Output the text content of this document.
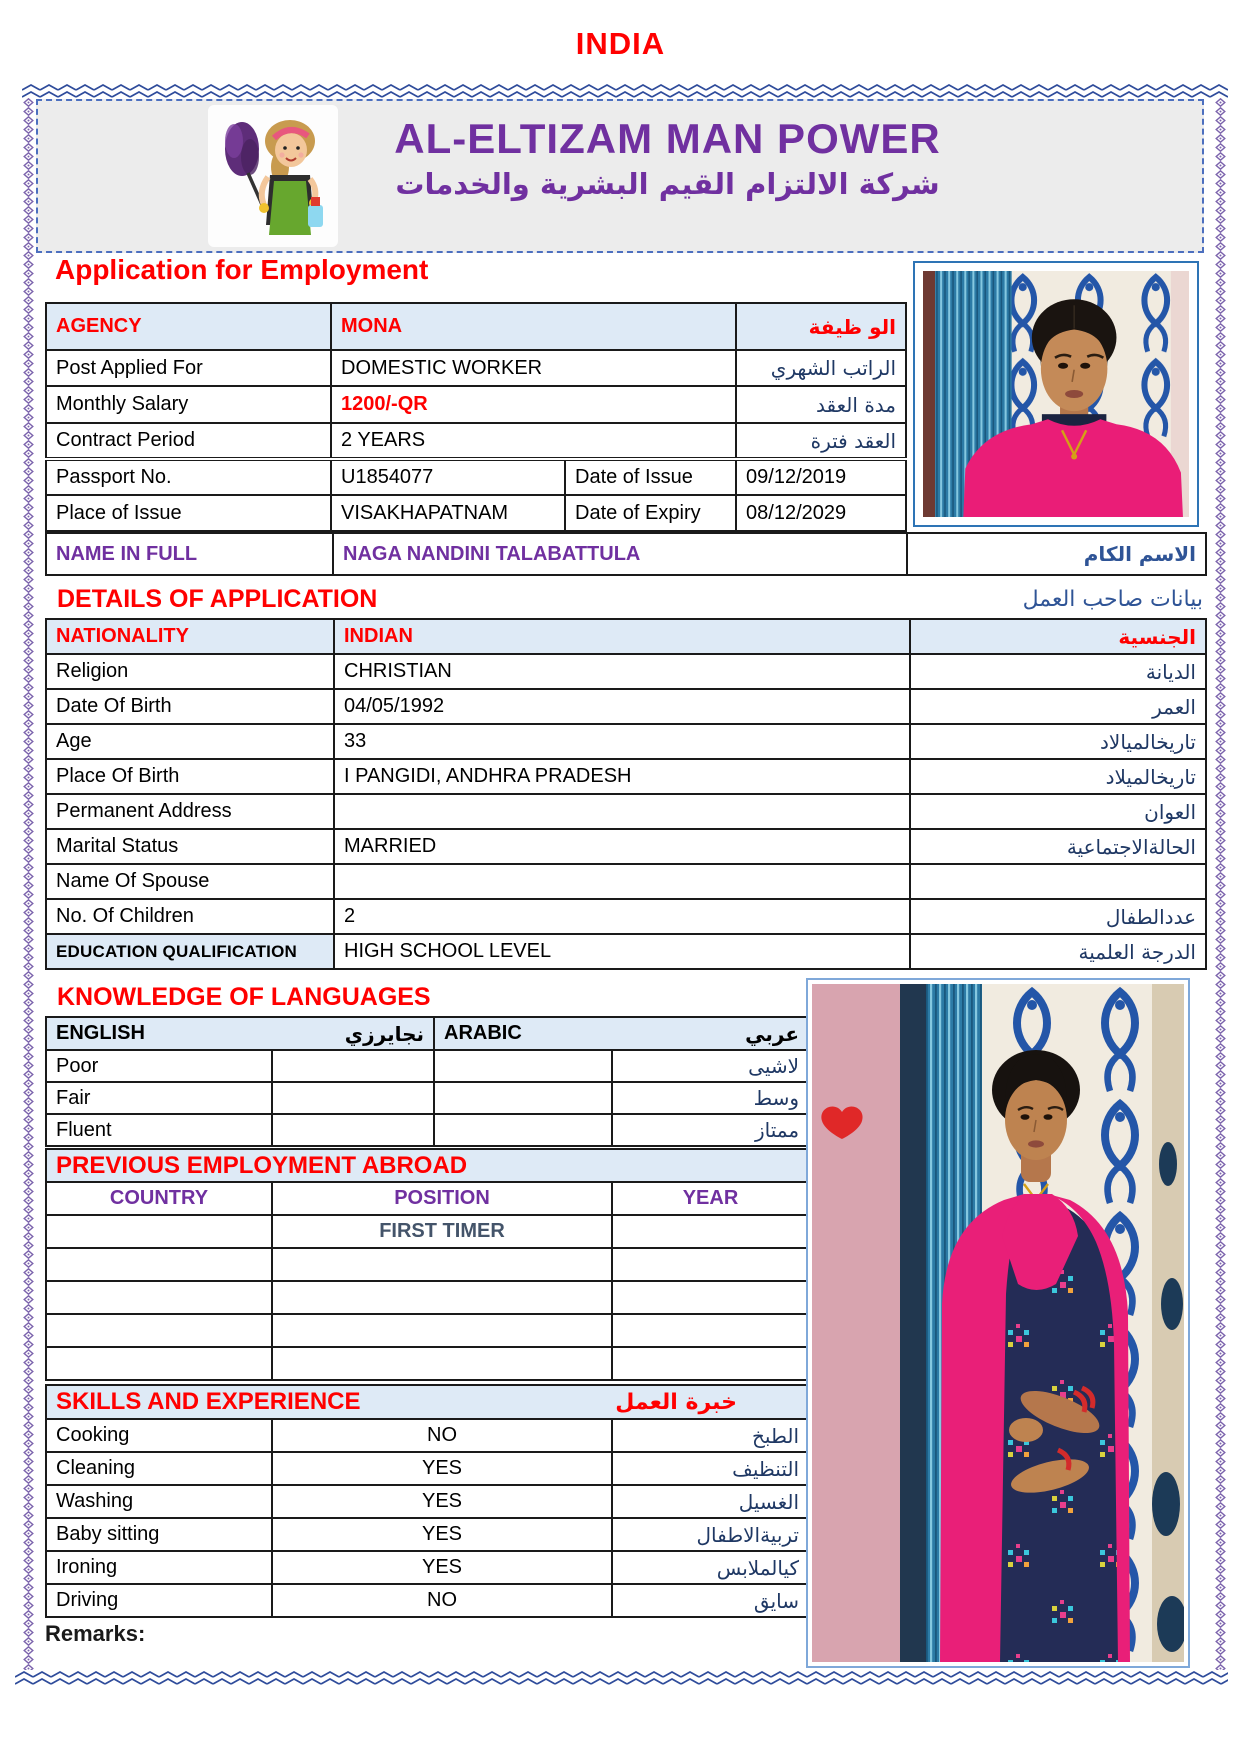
INDIA
AL-ELTIZAM MAN POWER
شركة الالتزام القيم البشرية والخدمات
Application for Employment
AGENCY	MONA		الو ظيفة
Post Applied For	DOMESTIC WORKER		الراتب الشهري
Monthly Salary	1200/-QR		مدة العقد
Contract Period	2 YEARS		العقد فترة
Passport No.	U1854077	Date of Issue	09/12/2019
Place of Issue	VISAKHAPATNAM	Date of Expiry	08/12/2029
NAME IN FULL	NAGA NANDINI TALABATTULA	الاسم الكام
DETAILS OF APPLICATION	بيانات صاحب العمل
NATIONALITY	INDIAN	الجنسية
Religion	CHRISTIAN	الديانة
Date Of Birth	04/05/1992	العمر
Age	33	تاريخالميالاد
Place Of Birth	I PANGIDI, ANDHRA PRADESH	تاريخالميلاد
Permanent Address		العوان
Marital Status	MARRIED	الحالةالاجتماعية
Name Of Spouse		
No. Of Children	2	عددالطفال
EDUCATION QUALIFICATION	HIGH SCHOOL LEVEL	الدرجة العلمية
KNOWLEDGE OF LANGUAGES
ENGLISH نجايرزي		ARABIC عربي	

Poor			لاشيى
Fair			وسط
Fluent			ممتاز
PREVIOUS EMPLOYMENT ABROAD		
COUNTRY	POSITION	YEAR
	FIRST TIMER	

SKILLS AND EXPERIENCE خبرة العمل		

Cooking	NO	الطبخ
Cleaning	YES	التنظيف
Washing	YES	الغسيل
Baby sitting	YES	تربيةالاطفال
Ironing	YES	كيالملابس
Driving	NO	سايق
Remarks:
